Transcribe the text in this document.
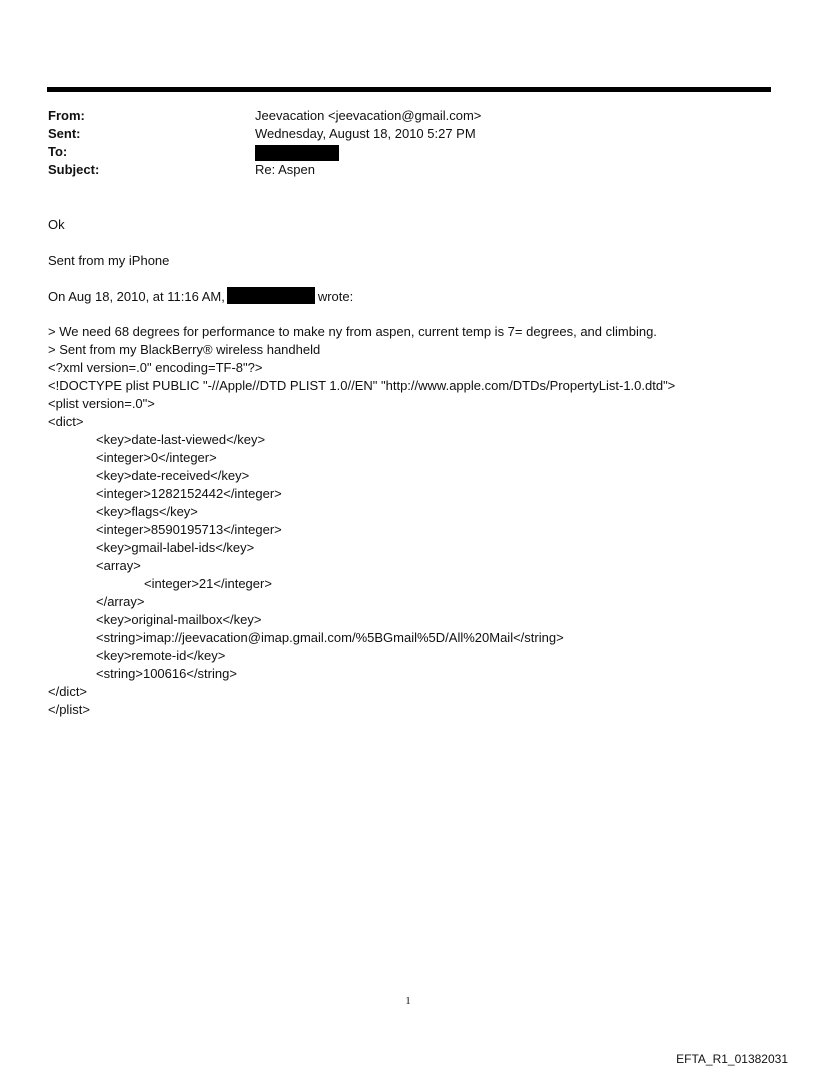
From:	Jeevacation <jeevacation@gmail.com>
Sent:	Wednesday, August 18, 2010 5:27 PM
To:
Subject:	Re: Aspen
Ok
Sent from my iPhone
On Aug 18, 2010, at 11:16 AM,	wrote:
> We need 68 degrees for performance to make ny from aspen, current temp is 7= degrees, and climbing.
> Sent from my BlackBerry® wireless handheld
<?xml version=.0" encoding=TF-8"?>
<!DOCTYPE plist PUBLIC "-//Apple//DTD PLIST 1.0//EN" "http://www.apple.com/DTDs/PropertyList-1.0.dtd">
<plist version=.0">
<dict>
<key>date-last-viewed</key>
<integer>0</integer>
<key>date-received</key>
<integer>1282152442</integer>
<key>flags</key>
<integer>8590195713</integer>
<key>gmail-label-ids</key>
<array>
<integer>21</integer>
</array>
<key>original-mailbox</key>
<string>imap://jeevacation@imap.gmail.com/%5BGmail%5D/All%20Mail</string>
<key>remote-id</key>
<string>100616</string>
</dict>
</plist>
1
EFTA_R1_01382031
